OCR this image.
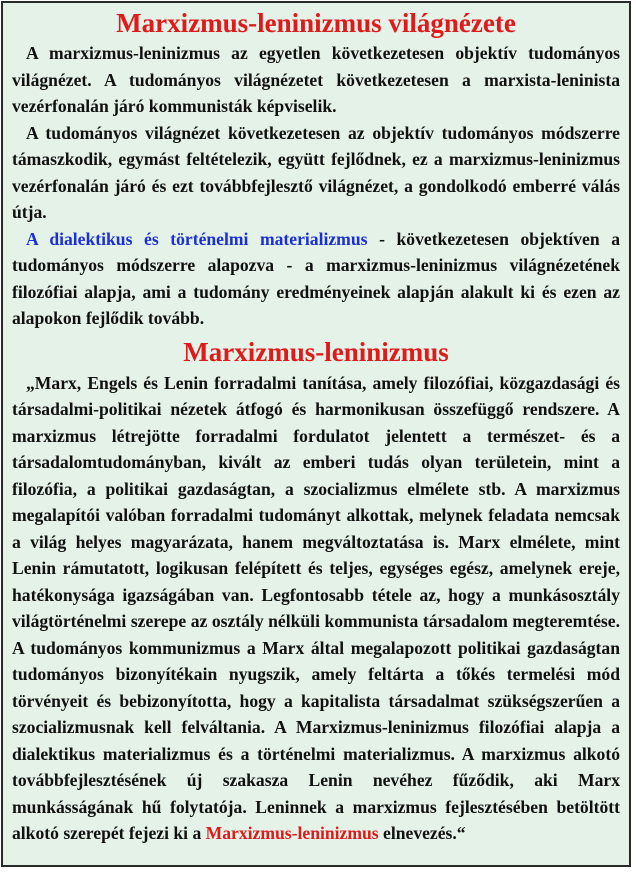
Marxizmus-leninizmus világnézete

A marxizmus-leninizmus az egyetlen következetesen objektív tudományos világnézet. A tudományos világnézetet következetesen a marxista-leninista vezérfonalán járó kommunisták képviselik.

A tudományos világnézet következetesen az objektív tudományos módszerre támaszkodik, egymást feltételezik, együtt fejlődnek, ez a marxizmus-leninizmus vezérfonalán járó és ezt továbbfejlesztő világnézet, a gondolkodó emberré válás útja.

A dialektikus és történelmi materializmus - következetesen objektíven a tudományos módszerre alapozva - a marxizmus-leninizmus világnézetének filozófiai alapja, ami a tudomány eredményeinek alapján alakult ki és ezen az alapokon fejlődik tovább.

Marxizmus-leninizmus

„Marx, Engels és Lenin forradalmi tanítása, amely filozófiai, közgazdasági és társadalmi-politikai nézetek átfogó és harmonikusan összefüggő rendszere. A marxizmus létrejötte forradalmi fordulatot jelentett a természet- és a társadalomtudományban, kivált az emberi tudás olyan területein, mint a filozófia, a politikai gazdaságtan, a szocializmus elmélete stb. A marxizmus megalapítói valóban forradalmi tudományt alkottak, melynek feladata nemcsak a világ helyes magyarázata, hanem megváltoztatása is. Marx elmélete, mint Lenin rámutatott, logikusan felépített és teljes, egységes egész, amelynek ereje, hatékonysága igazságában van. Legfontosabb tétele az, hogy a munkásosztály világtörténelmi szerepe az osztály nélküli kommunista társadalom megteremtése. A tudományos kommunizmus a Marx által megalapozott politikai gazdaságtan tudományos bizonyítékain nyugszik, amely feltárta a tőkés termelési mód törvényeit és bebizonyította, hogy a kapitalista társadalmat szükségszerűen a szocializmusnak kell felváltania. A Marxizmus-leninizmus filozófiai alapja a dialektikus materializmus és a történelmi materializmus. A marxizmus alkotó továbbfejlesztésének új szakasza Lenin nevéhez fűződik, aki Marx munkásságának hű folytatója. Leninnek a marxizmus fejlesztésében betöltött alkotó szerepét fejezi ki a Marxizmus-leninizmus elnevezés.“
